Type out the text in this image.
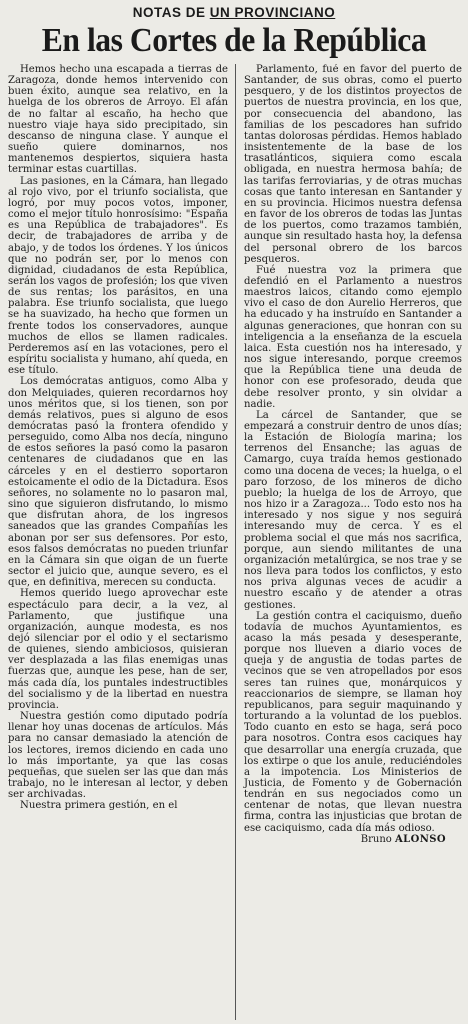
NOTAS DE UN PROVINCIANO
En las Cortes de la República

Hemos hecho una escapada a tierras de Zaragoza, donde hemos intervenido con buen éxito, aunque sea relativo, en la huelga de los obreros de Arroyo. El afán de no faltar al escaño, ha hecho que nuestro viaje haya sido precipitado, sin descanso de ninguna clase. Y aunque el sueño quiere dominarnos, nos mantenemos despiertos, siquiera hasta terminar estas cuartillas.

Las pasiones, en la Cámara, han llegado al rojo vivo, por el triunfo socialista, que logró, por muy pocos votos, imponer, como el mejor título honrosísimo: "España es una República de trabajadores". Es decir, de trabajadores de arriba y de abajo, y de todos los órdenes. Y los únicos que no podrán ser, por lo menos con dignidad, ciudadanos de esta República, serán los vagos de profesión; los que viven de sus rentas; los parásitos, en una palabra. Ese triunfo socialista, que luego se ha suavizado, ha hecho que formen un frente todos los conservadores, aunque muchos de ellos se llamen radicales. Perderemos así en las votaciones, pero el espíritu socialista y humano, ahí queda, en ese título.

Los demócratas antiguos, como Alba y don Melquiades, quieren recordarnos hoy unos méritos que, si los tienen, son por demás relativos, pues si alguno de esos demócratas pasó la frontera ofendido y perseguido, como Alba nos decía, ninguno de estos señores la pasó como la pasaron centenares de ciudadanos que en las cárceles y en el destierro soportaron estoicamente el odio de la Dictadura. Esos señores, no solamente no lo pasaron mal, sino que siguieron disfrutando, lo mismo que disfrutan ahora, de los ingresos saneados que las grandes Compañías les abonan por ser sus defensores. Por esto, esos falsos demócratas no pueden triunfar en la Cámara sin que oigan de un fuerte sector el juicio que, aunque severo, es el que, en definitiva, merecen su conducta.

Hemos querido luego aprovechar este espectáculo para decir, a la vez, al Parlamento, que justifique una organización, aunque modesta, es nos dejó silenciar por el odio y el sectarismo de quienes, siendo ambiciosos, quisieran ver desplazada a las filas enemigas unas fuerzas que, aunque les pese, han de ser, más cada día, los puntales indestructibles del socialismo y de la libertad en nuestra provincia.

Nuestra gestión como diputado podría llenar hoy unas docenas de artículos. Más para no cansar demasiado la atención de los lectores, iremos diciendo en cada uno lo más importante, ya que las cosas pequeñas, que suelen ser las que dan más trabajo, no le interesan al lector, y deben ser archivadas.

Nuestra primera gestión, en el

Parlamento, fué en favor del puerto de Santander, de sus obras, como el puerto pesquero, y de los distintos proyectos de puertos de nuestra provincia, en los que, por consecuencia del abandono, las familias de los pescadores han sufrido tantas dolorosas pérdidas. Hemos hablado insistentemente de la base de los trasatlánticos, siquiera como escala obligada, en nuestra hermosa bahía; de las tarifas ferroviarias, y de otras muchas cosas que tanto interesan en Santander y en su provincia. Hicimos nuestra defensa en favor de los obreros de todas las Juntas de los puertos, como trazamos también, aunque sin resultado hasta hoy, la defensa del personal obrero de los barcos pesqueros.

Fué nuestra voz la primera que defendió en el Parlamento a nuestros maestros laicos, citando como ejemplo vivo el caso de don Aurelio Herreros, que ha educado y ha instruído en Santander a algunas generaciones, que honran con su inteligencia a la enseñanza de la escuela laica. Esta cuestión nos ha interesado, y nos sigue interesando, porque creemos que la República tiene una deuda de honor con ese profesorado, deuda que debe resolver pronto, y sin olvidar a nadie.

La cárcel de Santander, que se empezará a construir dentro de unos días; la Estación de Biología marina; los terrenos del Ensanche; las aguas de Camargo, cuya traída hemos gestionado como una docena de veces; la huelga, o el paro forzoso, de los mineros de dicho pueblo; la huelga de los de Arroyo, que nos hizo ir a Zaragoza... Todo esto nos ha interesado y nos sigue y nos seguirá interesando muy de cerca. Y es el problema social el que más nos sacrifica, porque, aun siendo militantes de una organización metalúrgica, se nos trae y se nos lleva para todos los conflictos, y esto nos priva algunas veces de acudir a nuestro escaño y de atender a otras gestiones.

La gestión contra el caciquismo, dueño todavía de muchos Ayuntamientos, es acaso la más pesada y desesperante, porque nos llueven a diario voces de queja y de angustia de todas partes de vecinos que se ven atropellados por esos seres tan ruines que, monárquicos y reaccionarios de siempre, se llaman hoy republicanos, para seguir maquinando y torturando a la voluntad de los pueblos. Todo cuanto en esto se haga, será poco para nosotros. Contra esos caciques hay que desarrollar una energía cruzada, que los extirpe o que los anule, reduciéndoles a la impotencia. Los Ministerios de Justicia, de Fomento y de Gobernación tendrán en sus negociados como un centenar de notas, que llevan nuestra firma, contra las injusticias que brotan de ese caciquismo, cada día más odioso.

Bruno ALONSO
